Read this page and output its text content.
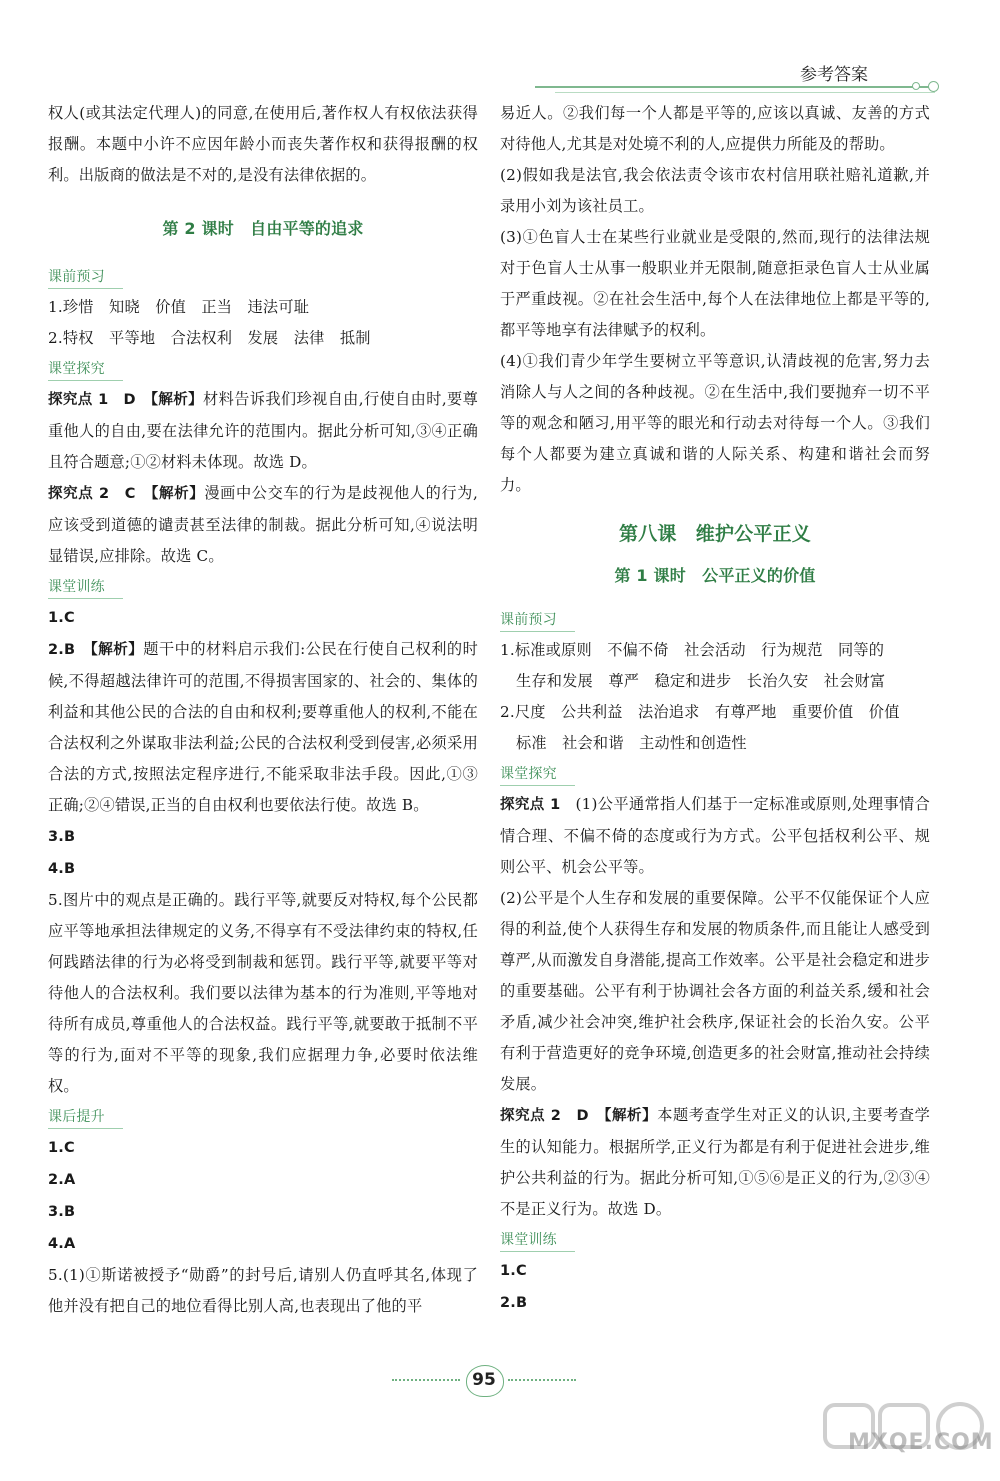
参考答案

权人(或其法定代理人)的同意,在使用后,著作权人有权依法获得报酬。本题中小许不应因年龄小而丧失著作权和获得报酬的权利。出版商的做法是不对的,是没有法律依据的。

第 2 课时　自由平等的追求
课前预习

1.珍惜　知晓　价值　正当　违法可耻

2.特权　平等地　合法权利　发展　法律　抵制

课堂探究

探究点 1　D　【解析】材料告诉我们珍视自由,行使自由时,要尊重他人的自由,要在法律允许的范围内。据此分析可知,③④正确且符合题意;①②材料未体现。故选 D。

探究点 2　C　【解析】漫画中公交车的行为是歧视他人的行为,应该受到道德的谴责甚至法律的制裁。据此分析可知,④说法明显错误,应排除。故选 C。

课堂训练

1.C

2.B　【解析】题干中的材料启示我们:公民在行使自己权利的时候,不得超越法律许可的范围,不得损害国家的、社会的、集体的利益和其他公民的合法的自由和权利;要尊重他人的权利,不能在合法权利之外谋取非法利益;公民的合法权利受到侵害,必须采用合法的方式,按照法定程序进行,不能采取非法手段。因此,①③正确;②④错误,正当的自由权利也要依法行使。故选 B。

3.B

4.B

5.图片中的观点是正确的。践行平等,就要反对特权,每个公民都应平等地承担法律规定的义务,不得享有不受法律约束的特权,任何践踏法律的行为必将受到制裁和惩罚。践行平等,就要平等对待他人的合法权利。我们要以法律为基本的行为准则,平等地对待所有成员,尊重他人的合法权益。践行平等,就要敢于抵制不平等的行为,面对不平等的现象,我们应据理力争,必要时依法维权。

课后提升

1.C

2.A

3.B

4.A

5.(1)①斯诺被授予“勋爵”的封号后,请别人仍直呼其名,体现了他并没有把自己的地位看得比别人高,也表现出了他的平

易近人。②我们每一个人都是平等的,应该以真诚、友善的方式对待他人,尤其是对处境不利的人,应提供力所能及的帮助。

(2)假如我是法官,我会依法责令该市农村信用联社赔礼道歉,并录用小刘为该社员工。

(3)①色盲人士在某些行业就业是受限的,然而,现行的法律法规对于色盲人士从事一般职业并无限制,随意拒录色盲人士从业属于严重歧视。②在社会生活中,每个人在法律地位上都是平等的,都平等地享有法律赋予的权利。

(4)①我们青少年学生要树立平等意识,认清歧视的危害,努力去消除人与人之间的各种歧视。②在生活中,我们要抛弃一切不平等的观念和陋习,用平等的眼光和行动去对待每一个人。③我们每个人都要为建立真诚和谐的人际关系、构建和谐社会而努力。

第八课　维护公平正义
第 1 课时　公平正义的价值
课前预习

1.标准或原则　不偏不倚　社会活动　行为规范　同等的

生存和发展　尊严　稳定和进步　长治久安　社会财富

2.尺度　公共利益　法治追求　有尊严地　重要价值　价值

标准　社会和谐　主动性和创造性

课堂探究

探究点 1　(1)公平通常指人们基于一定标准或原则,处理事情合情合理、不偏不倚的态度或行为方式。公平包括权利公平、规则公平、机会公平等。

(2)公平是个人生存和发展的重要保障。公平不仅能保证个人应得的利益,使个人获得生存和发展的物质条件,而且能让人感受到尊严,从而激发自身潜能,提高工作效率。公平是社会稳定和进步的重要基础。公平有利于协调社会各方面的利益关系,缓和社会矛盾,减少社会冲突,维护社会秩序,保证社会的长治久安。公平有利于营造更好的竞争环境,创造更多的社会财富,推动社会持续发展。

探究点 2　D　【解析】本题考查学生对正义的认识,主要考查学生的认知能力。根据所学,正义行为都是有利于促进社会进步,维护公共利益的行为。据此分析可知,①⑤⑥是正义的行为,②③④不是正义行为。故选 D。

课堂训练

1.C

2.B

95
MXQE.COM
